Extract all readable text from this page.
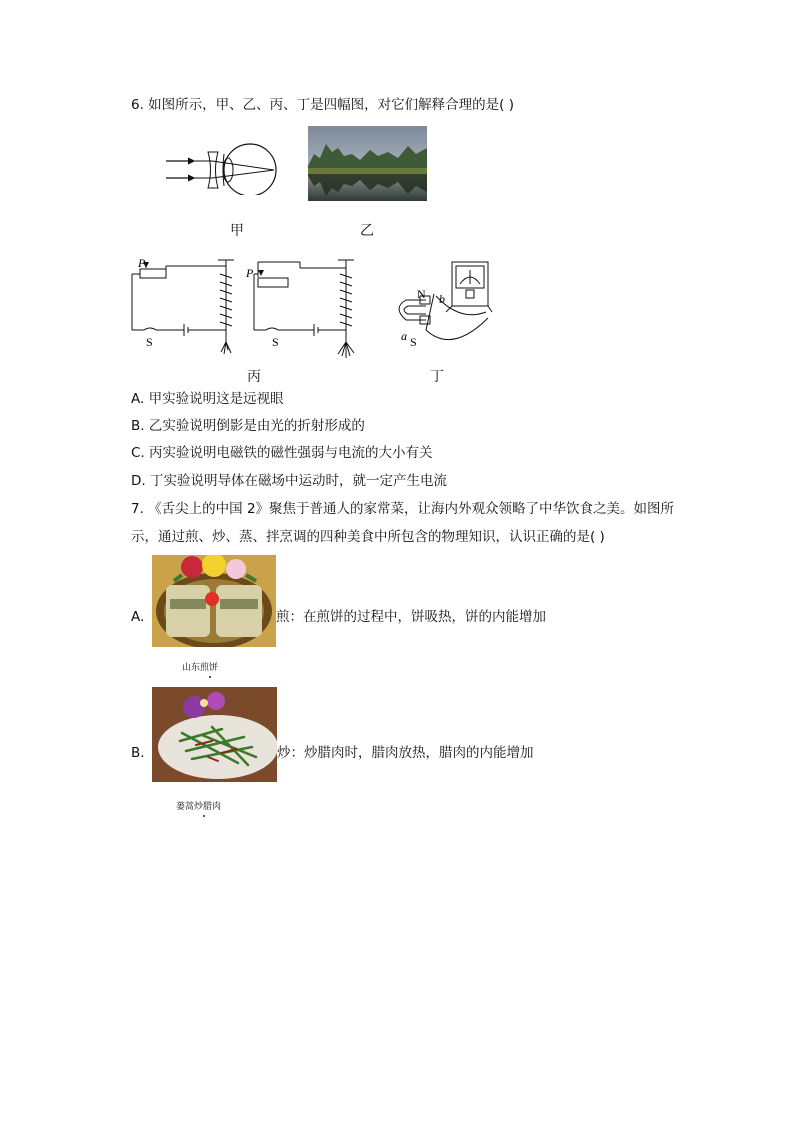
6. 如图所示，甲、乙、丙、丁是四幅图，对它们解释合理的是( )
甲	乙
P
S
P
S
N b
a S
丙	丁
A. 甲实验说明这是远视眼
B. 乙实验说明倒影是由光的折射形成的
C. 丙实验说明电磁铁的磁性强弱与电流的大小有关
D. 丁实验说明导体在磁场中运动时，就一定产生电流
7. 《舌尖上的中国 2》聚焦于普通人的家常菜，让海内外观众领略了中华饮食之美。如图所
示，通过煎、炒、蒸、拌烹调的四种美食中所包含的物理知识，认识正确的是( )
A.	煎：在煎饼的过程中，饼吸热，饼的内能增加
山东煎饼
B.	炒：炒腊肉时，腊肉放热，腊肉的内能增加
蒌蒿炒腊肉
